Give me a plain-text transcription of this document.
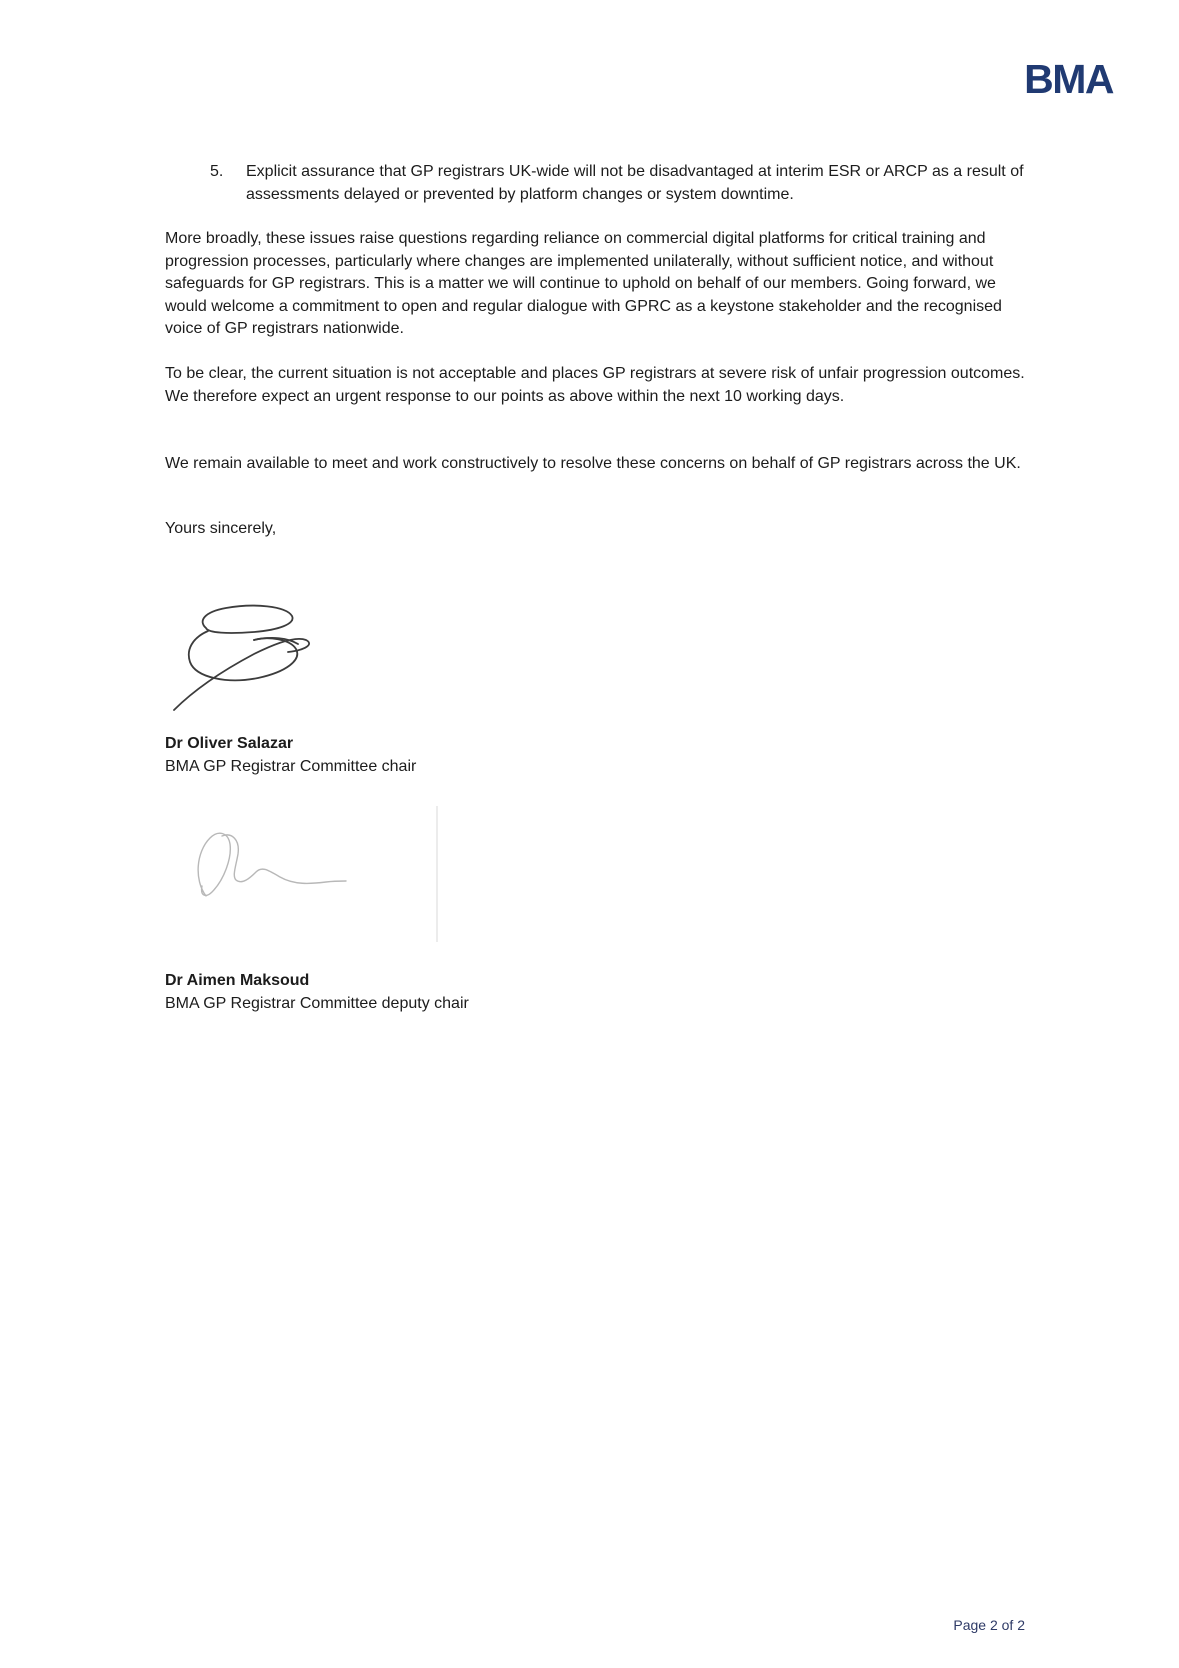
BMA
5.	Explicit assurance that GP registrars UK-wide will not be disadvantaged at interim ESR or ARCP as a result of assessments delayed or prevented by platform changes or system downtime.
More broadly, these issues raise questions regarding reliance on commercial digital platforms for critical training and progression processes, particularly where changes are implemented unilaterally, without sufficient notice, and without safeguards for GP registrars. This is a matter we will continue to uphold on behalf of our members. Going forward, we would welcome a commitment to open and regular dialogue with GPRC as a keystone stakeholder and the recognised voice of GP registrars nationwide.
To be clear, the current situation is not acceptable and places GP registrars at severe risk of unfair progression outcomes. We therefore expect an urgent response to our points as above within the next 10 working days.
We remain available to meet and work constructively to resolve these concerns on behalf of GP registrars across the UK.
Yours sincerely,
Dr Oliver Salazar
BMA GP Registrar Committee chair
Dr Aimen Maksoud
BMA GP Registrar Committee deputy chair
Page 2 of 2
